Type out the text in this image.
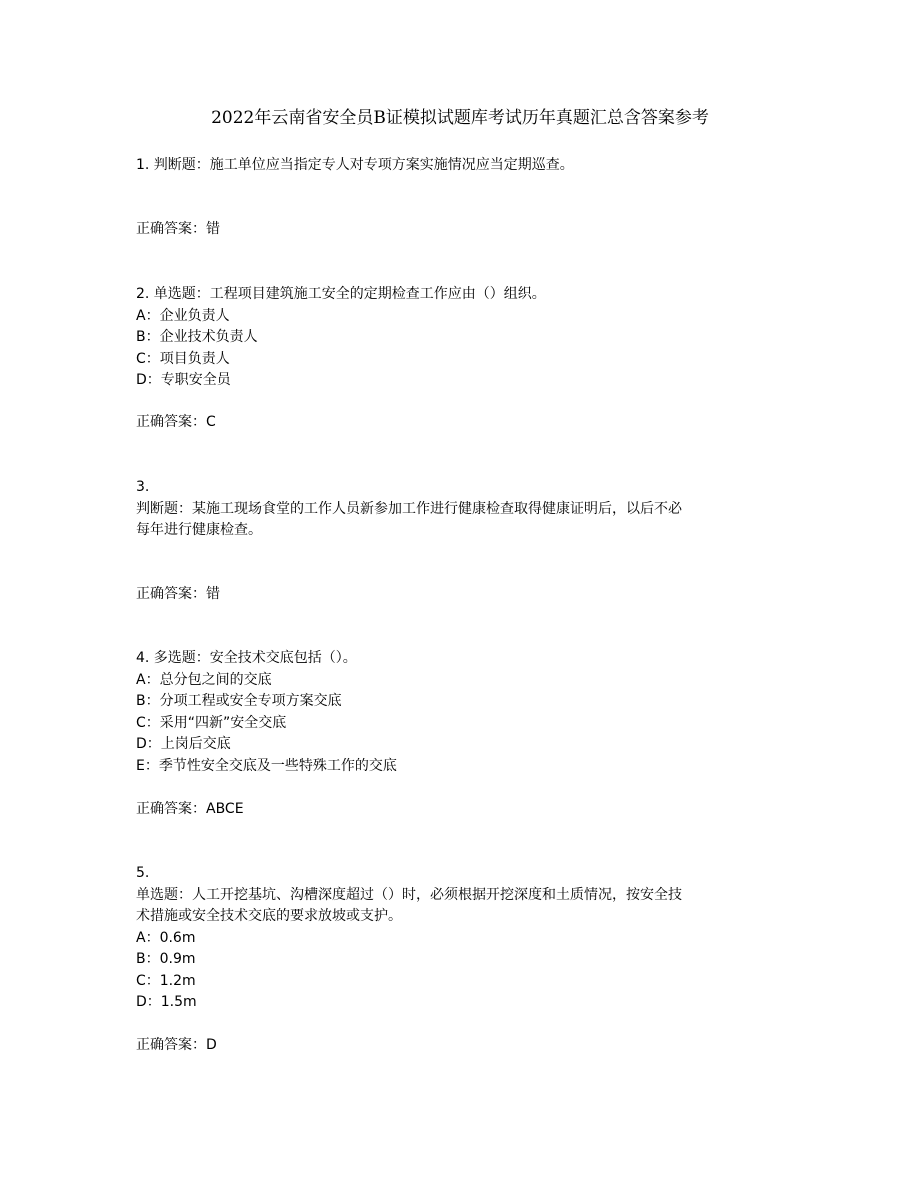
2022年云南省安全员B证模拟试题库考试历年真题汇总含答案参考
1. 判断题：施工单位应当指定专人对专项方案实施情况应当定期巡查。
正确答案：错
2. 单选题：工程项目建筑施工安全的定期检查工作应由（）组织。
A：企业负责人
B：企业技术负责人
C：项目负责人
D：专职安全员
正确答案：C
3.
判断题：某施工现场食堂的工作人员新参加工作进行健康检查取得健康证明后，以后不必
每年进行健康检查。
正确答案：错
4. 多选题：安全技术交底包括（）。
A：总分包之间的交底
B：分项工程或安全专项方案交底
C：采用“四新”安全交底
D：上岗后交底
E：季节性安全交底及一些特殊工作的交底
正确答案：ABCE
5.
单选题：人工开挖基坑、沟槽深度超过（）时，必须根据开挖深度和土质情况，按安全技
术措施或安全技术交底的要求放坡或支护。
A：0.6m
B：0.9m
C：1.2m
D：1.5m
正确答案：D
